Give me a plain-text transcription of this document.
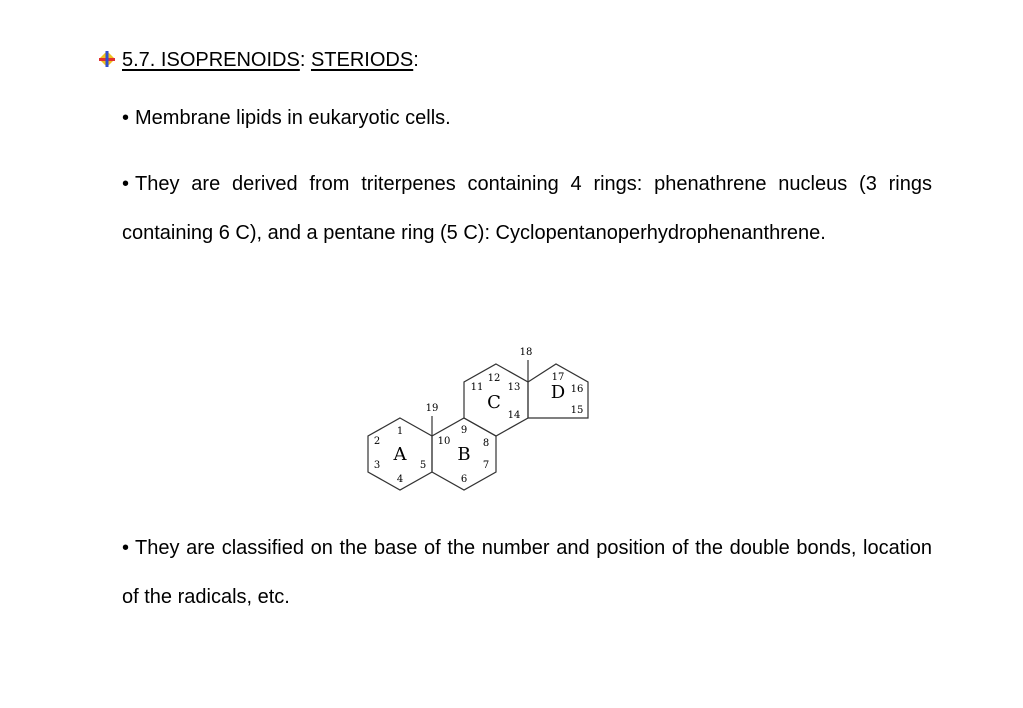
5.7. ISOPRENOIDS: STERIODS:
• Membrane lipids in eukaryotic cells.
• They are derived from triterpenes containing 4 rings: phenathrene nucleus (3 rings containing 6 C), and a pentane ring (5 C): Cyclopentanoperhydrophenanthrene.
A	B
C	D
1
2
3
4
5
6
7
8
9
10
11
12
13
14	15
16
17
18
19
• They are classified on the base of the number and position of the double bonds, location of the radicals, etc.
